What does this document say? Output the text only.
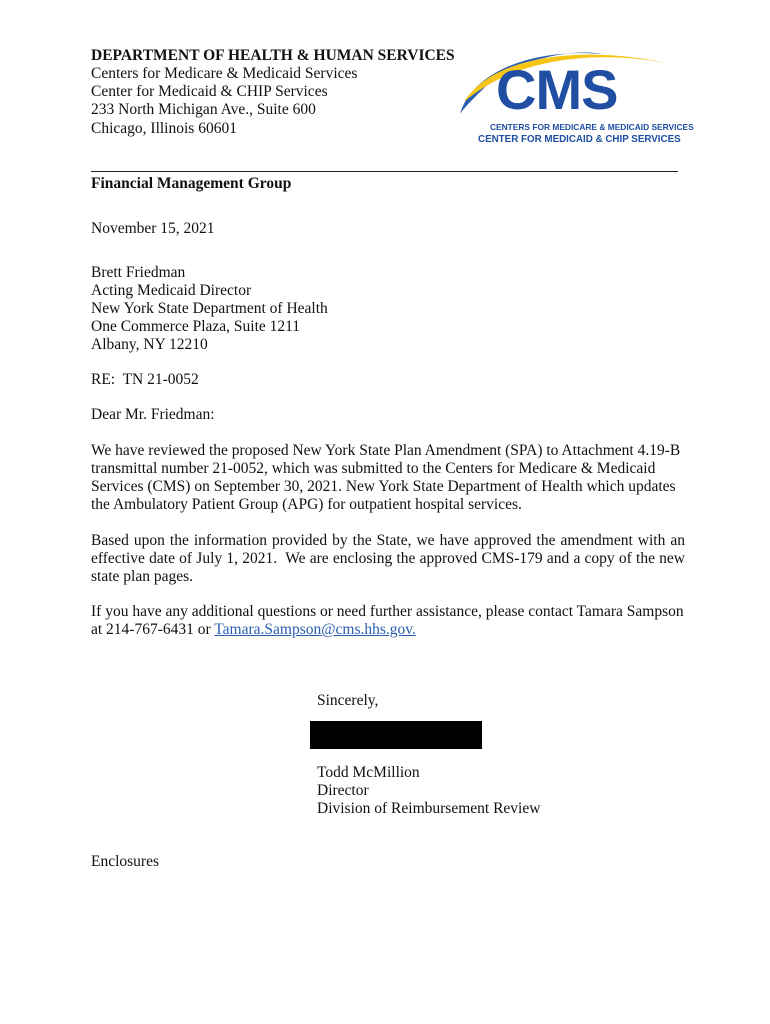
DEPARTMENT OF HEALTH & HUMAN SERVICES
Centers for Medicare & Medicaid Services
Center for Medicaid & CHIP Services
233 North Michigan Ave., Suite 600
Chicago, Illinois 60601
CMS
CENTERS FOR MEDICARE & MEDICAID SERVICES
CENTER FOR MEDICAID & CHIP SERVICES
Financial Management Group
November 15, 2021
Brett Friedman
Acting Medicaid Director
New York State Department of Health
One Commerce Plaza, Suite 1211
Albany, NY 12210
RE:  TN 21-0052
Dear Mr. Friedman:
We have reviewed the proposed New York State Plan Amendment (SPA) to Attachment 4.19-B transmittal number 21-0052, which was submitted to the Centers for Medicare & Medicaid Services (CMS) on September 30, 2021. New York State Department of Health which updates the Ambulatory Patient Group (APG) for outpatient hospital services.
Based upon the information provided by the State, we have approved the amendment with an effective date of July 1, 2021.  We are enclosing the approved CMS-179 and a copy of the new state plan pages.
If you have any additional questions or need further assistance, please contact Tamara Sampson at 214-767-6431 or Tamara.Sampson@cms.hhs.gov.
Sincerely,
Todd McMillion
Director
Division of Reimbursement Review
Enclosures
